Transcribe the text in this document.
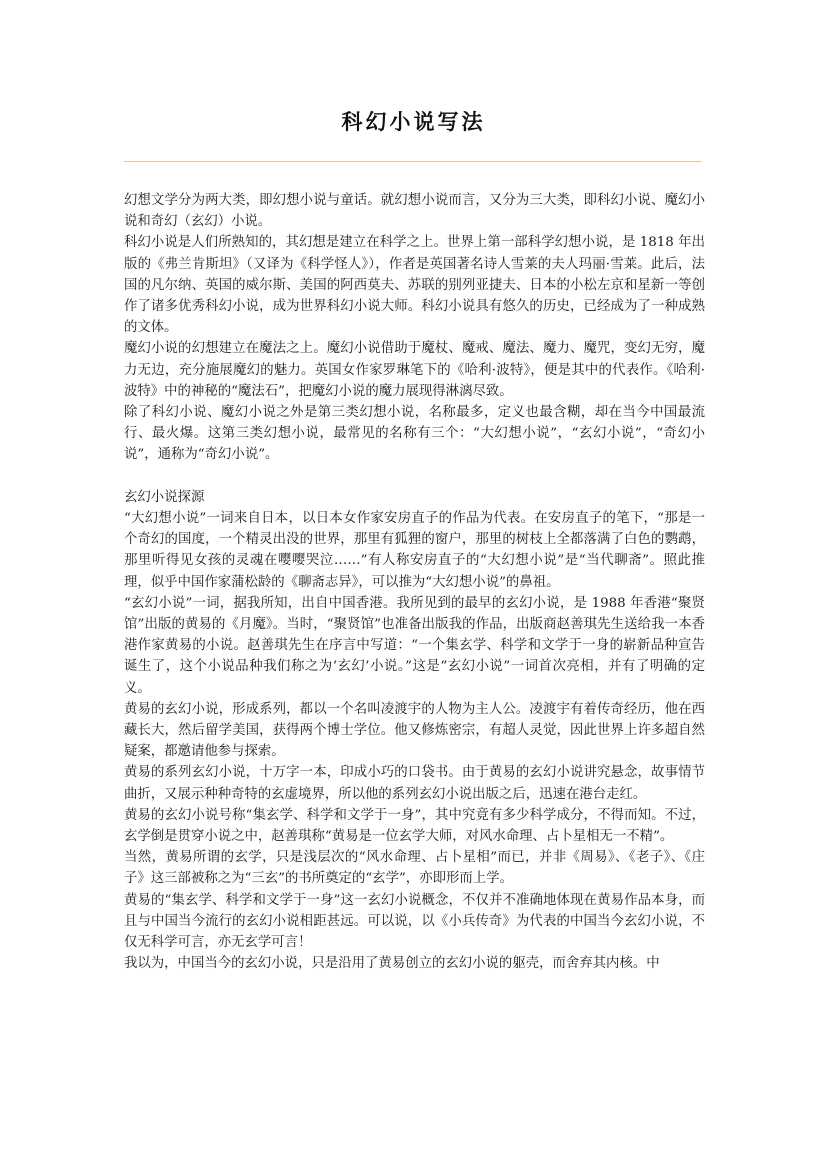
科幻小说写法

幻想文学分为两大类，即幻想小说与童话。就幻想小说而言，又分为三大类，即科幻小说、魔幻小说和奇幻（玄幻）小说。

科幻小说是人们所熟知的，其幻想是建立在科学之上。世界上第一部科学幻想小说，是 1818 年出版的《弗兰肯斯坦》（又译为《科学怪人》），作者是英国著名诗人雪莱的夫人玛丽·雪莱。此后，法国的凡尔纳、英国的威尔斯、美国的阿西莫夫、苏联的别列亚捷夫、日本的小松左京和星新一等创作了诸多优秀科幻小说，成为世界科幻小说大师。科幻小说具有悠久的历史，已经成为了一种成熟的文体。

魔幻小说的幻想建立在魔法之上。魔幻小说借助于魔杖、魔戒、魔法、魔力、魔咒，变幻无穷，魔力无边，充分施展魔幻的魅力。英国女作家罗琳笔下的《哈利·波特》，便是其中的代表作。《哈利·波特》中的神秘的“魔法石”，把魔幻小说的魔力展现得淋漓尽致。

除了科幻小说、魔幻小说之外是第三类幻想小说，名称最多，定义也最含糊，却在当今中国最流行、最火爆。这第三类幻想小说，最常见的名称有三个：“大幻想小说”，“玄幻小说”，“奇幻小说”，通称为“奇幻小说”。

玄幻小说探源

“大幻想小说”一词来自日本，以日本女作家安房直子的作品为代表。在安房直子的笔下，“那是一个奇幻的国度，一个精灵出没的世界，那里有狐狸的窗户，那里的树枝上全都落满了白色的鹦鹉，那里听得见女孩的灵魂在嘤嘤哭泣……”有人称安房直子的“大幻想小说”是“当代聊斋”。照此推理，似乎中国作家蒲松龄的《聊斋志异》，可以推为“大幻想小说”的鼻祖。

“玄幻小说”一词，据我所知，出自中国香港。我所见到的最早的玄幻小说，是 1988 年香港“聚贤馆”出版的黄易的《月魔》。当时，“聚贤馆”也准备出版我的作品，出版商赵善琪先生送给我一本香港作家黄易的小说。赵善琪先生在序言中写道：“一个集玄学、科学和文学于一身的崭新品种宣告诞生了，这个小说品种我们称之为‘玄幻’小说。”这是“玄幻小说”一词首次亮相，并有了明确的定义。

黄易的玄幻小说，形成系列，都以一个名叫凌渡宇的人物为主人公。凌渡宇有着传奇经历，他在西藏长大，然后留学美国，获得两个博士学位。他又修炼密宗，有超人灵觉，因此世界上许多超自然疑案，都邀请他参与探索。

黄易的系列玄幻小说，十万字一本，印成小巧的口袋书。由于黄易的玄幻小说讲究悬念，故事情节曲折，又展示种种奇特的玄虚境界，所以他的系列玄幻小说出版之后，迅速在港台走红。

黄易的玄幻小说号称“集玄学、科学和文学于一身”，其中究竟有多少科学成分，不得而知。不过，玄学倒是贯穿小说之中，赵善琪称“黄易是一位玄学大师，对风水命理、占卜星相无一不精”。

当然，黄易所谓的玄学，只是浅层次的“风水命理、占卜星相”而已，并非《周易》、《老子》、《庄子》这三部被称之为“三玄”的书所奠定的“玄学”，亦即形而上学。

黄易的“集玄学、科学和文学于一身”这一玄幻小说概念，不仅并不准确地体现在黄易作品本身，而且与中国当今流行的玄幻小说相距甚远。可以说，以《小兵传奇》为代表的中国当今玄幻小说，不仅无科学可言，亦无玄学可言！

我以为，中国当今的玄幻小说，只是沿用了黄易创立的玄幻小说的躯壳，而舍弃其内核。中
